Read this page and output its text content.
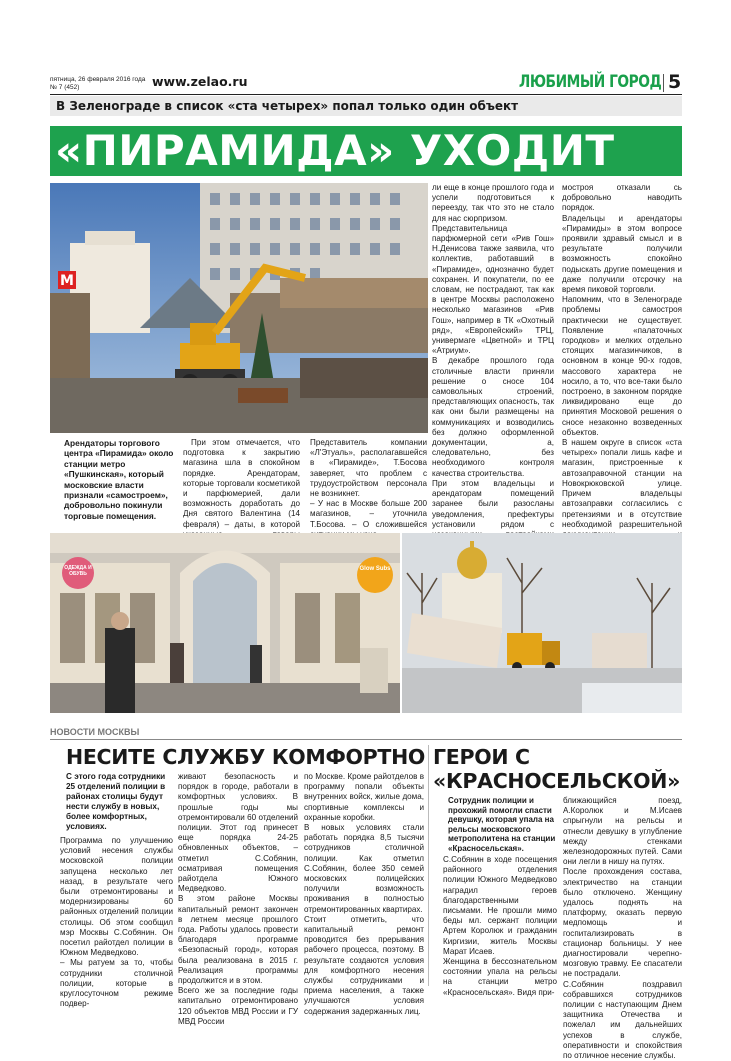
пятница, 26 февраля 2016 года
№ 7 (452)	www.zelao.ru	ЛЮБИМЫЙ ГОРОД 5
В Зеленограде в список «ста четырех» попал только один объект
«ПИРАМИДА» УХОДИТ
М
Арендаторы торгового центра «Пирамида» около станции метро «Пушкинская», который московские власти признали «самостроем», добровольно покинули торговые помещения.

При этом отмечается, что подготовка к закрытию магазина шла в спокойном порядке. Арендаторам, которые торговали косметикой и парфюмерией, дали возможность доработать до Дня святого Валентина (14 февраля) – даты, в которой

Представитель компании «Л'Этуаль», располагавшейся в «Пирамиде», Т.Босова заверяет, что проблем с трудоустройством персонала не возникнет.
– У нас в Москве больше 200 магазинов, – уточнила Т.Босова. – О сложившейся
ли еще в конце прошлого года и успели подготовиться к переезду, так что это не стало для нас сюрпризом.
Представительница парфюмерной сети «Рив Гош» Н.Денисова также заявила, что коллектив, работавший в «Пирамиде», однозначно будет сохранен. И покупатели, по ее словам, не пострадают, так как в центре Москвы расположено несколько магазинов «Рив Гош», например в ТК «Охотный ряд», «Европейский» ТРЦ, универмаге «Цветной» и ТРЦ «Атриум».
В декабре прошлого года столичные власти приняли решение о сносе 104 самовольных строений, представляющих опасность, так как они были размещены на коммуникациях и возводились без должно оформленной документации, а, следовательно, без необходимого контроля качества строительства.
При этом владельцы и арендаторам помещений заранее были разосланы уведомления, префектуры установили рядом с
мостроя отказали сь добровольно наводить порядок.
Владельцы и арендаторы «Пирамиды» в этом вопросе проявили здравый смысл и в результате получили возможность спокойно подыскать другие помещения и даже получили отсрочку на время пиковой торговли.
Напомним, что в Зеленограде проблемы самостроя практически не существует. Появление «палаточных городков» и мелких отдельно стоящих магазинчиков, в основном в конце 90-х годов, массового характера не носило, а то, что все-таки было построено, в законном порядке ликвидировано еще до принятия Московой решения о сносе незаконно возведенных объектов.
В нашем округе в список «ста четырех» попали лишь кафе и магазин, пристроенные к автозаправочной станции на Новокрюковской улице. Причем владельцы автозаправки согласились с претензиями и в отсутствие необходимой разрешительной
ОДЕЖДА И ОБУВЬ
Glow Subs
НОВОСТИ МОСКВЫ
НЕСИТЕ СЛУЖБУ КОМФОРТНО
С этого года сотрудники 25 отделений полиции в районах столицы будут нести службу в новых, более комфортных, условиях.
Программа по улучшению условий несения службы московской полиции запущена несколько лет назад, в результате чего были отремонтированы и модернизированы 60 районных отделений полиции столицы. Об этом сообщил мэр Москвы С.Собянин. Он посетил райотдел полиции в Южном Медведково.
– Мы ратуем за то, чтобы сотрудники столичной полиции, которые в круглосуточном режиме подвер-
живают безопасность и порядок в городе, работали в комфортных условиях. В прошлые годы мы отремонтировали 60 отделений полиции. Этот год принесет еще порядка 24-25 обновленных объектов, – отметил С.Собянин, осматривая помещения райотдела Южного Медведково.
В этом районе Москвы капитальный ремонт закончен в летнем месяце прошлого года. Работы удалось провести благодаря программе «Безопасный город», которая была реализована в 2015 г. Реализация программы продолжится и в этом.
Всего же за последние годы капитально отремонтировано 120 объектов МВД России и ГУ МВД России
по Москве. Кроме райотделов в программу попали объекты внутренних войск, жилые дома, спортивные комплексы и охранные коробки.
В новых условиях стали работать порядка 8,5 тысячи сотрудников столичной полиции. Как отметил С.Собянин, более 350 семей московских полицейских получили возможность проживания в полностью отремонтированных квартирах.
Стоит отметить, что капитальный ремонт проводится без прерывания рабочего процесса, поэтому. В результате создаются условия для комфортного несения службы сотрудниками и приема населения, а также улучшаются условия содержания задержанных лиц.
ГЕРОИ С «КРАСНОСЕЛЬСКОЙ»
Сотрудник полиции и прохожий помогли спасти девушку, которая упала на рельсы московского метрополитена на станции «Красносельская».
С.Собянин в ходе посещения районного отделения полиции Южного Медведково наградил героев благодарственными письмами. Не прошли мимо беды мл. сержант полиции Артем Королюк и гражданин Киргизии, житель Москвы Марат Исаев.
Женщина в бессознательном состоянии упала на рельсы на станции метро «Красносельская». Видя при-
ближающийся поезд, А.Королюк и М.Исаев спрыгнули на рельсы и отнесли девушку в углубление между стенками железнодорожных путей. Сами они легли в нишу на путях.
После прохождения состава, электричество на станции было отключено. Женщину удалось поднять на платформу, оказать первую медпомощь и госпитализировать в стационар больницы. У нее диагностировали черепно-мозговую травму. Ее спасатели не пострадали.
С.Собянин поздравил собравшихся сотрудников полиции с наступающим Днем защитника Отечества и пожелал им дальнейших успехов в службе, оперативности и спокойствия по отличное несение службы.
